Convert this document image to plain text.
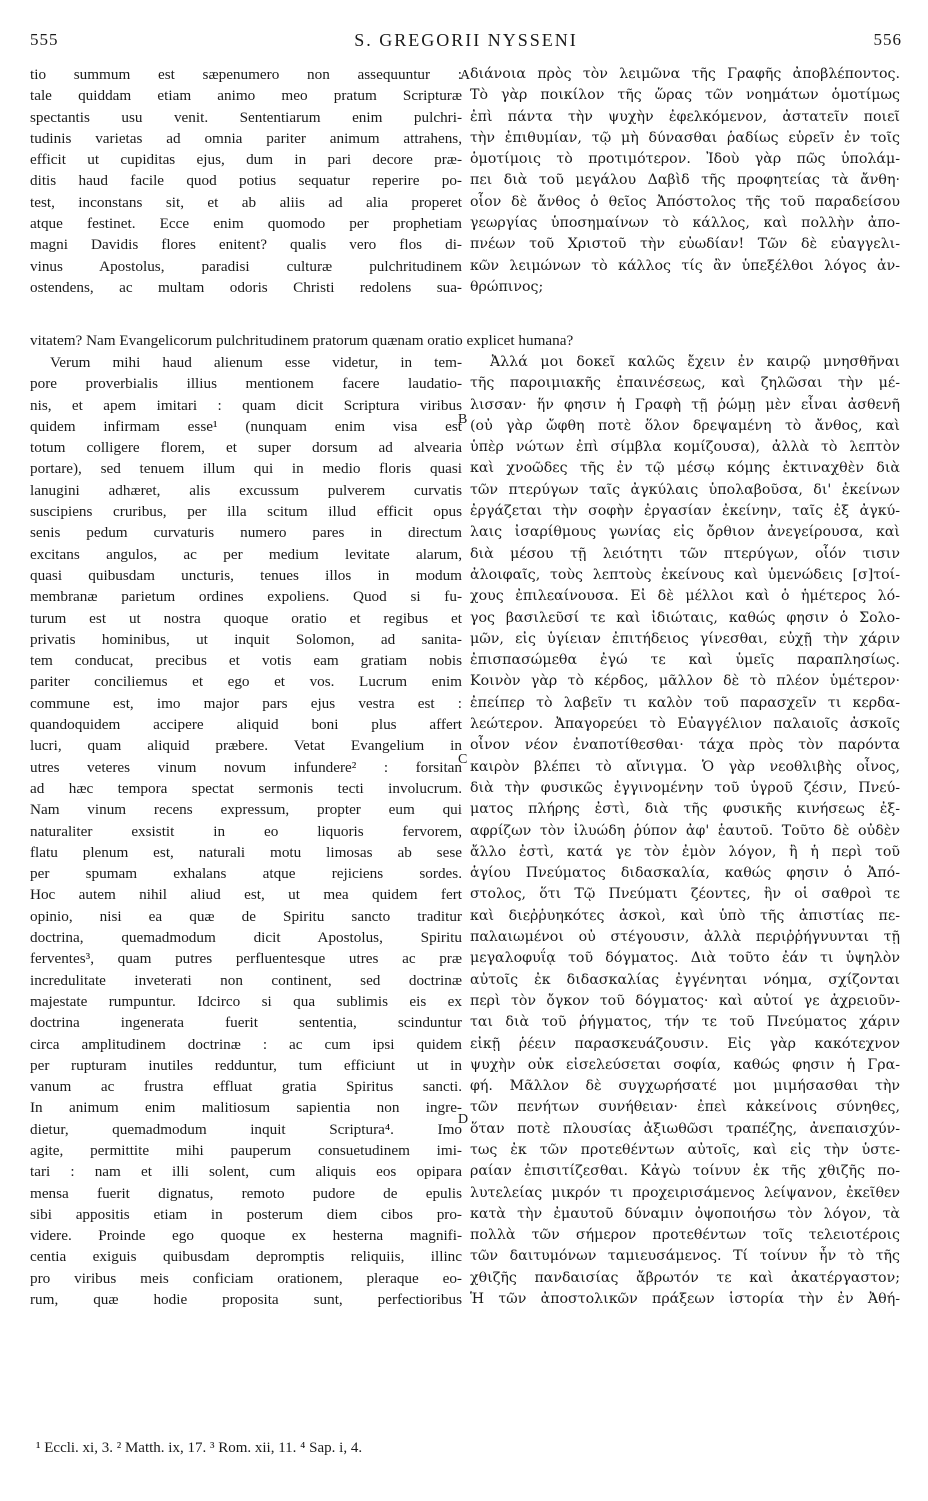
555	S. GREGORII NYSSENI	556
tio summum est sæpenumero non assequuntur :
tale quiddam etiam animo meo pratum Scripturæ
spectantis usu venit. Sententiarum enim pulchri-
tudinis varietas ad omnia pariter animum attrahens,
efficit ut cupiditas ejus, dum in pari decore præ-
ditis haud facile quod potius sequatur reperire po-
test, inconstans sit, et ab aliis ad alia properet
atque festinet. Ecce enim quomodo per prophetiam
magni Davidis flores enitent? qualis vero flos di-
vinus Apostolus, paradisi culturæ pulchritudinem
ostendens, ac multam odoris Christi redolens sua-
διάνοια πρὸς τὸν λειμῶνα τῆς Γραφῆς ἀποβλέποντος.
Τὸ γὰρ ποικίλον τῆς ὥρας τῶν νοημάτων ὁμοτίμως
ἐπὶ πάντα τὴν ψυχὴν ἐφελκόμενον, ἀστατεῖν ποιεῖ
τὴν ἐπιθυμίαν, τῷ μὴ δύνασθαι ῥαδίως εὑρεῖν ἐν τοῖς
ὁμοτίμοις τὸ προτιμότερον. Ἰδοὺ γὰρ πῶς ὑπολάμ-
πει διὰ τοῦ μεγάλου Δαβὶδ τῆς προφητείας τὰ ἄνθη·
οἷον δὲ ἄνθος ὁ θεῖος Ἀπόστολος τῆς τοῦ παραδείσου
γεωργίας ὑποσημαίνων τὸ κάλλος, καὶ πολλὴν ἀπο-
πνέων τοῦ Χριστοῦ τὴν εὐωδίαν! Τῶν δὲ εὐαγγελι-
κῶν λειμώνων τὸ κάλλος τίς ἂν ὑπεξέλθοι λόγος ἀν-
θρώπινος;
vitatem? Nam Evangelicorum pulchritudinem pratorum quænam oratio explicet humana?
Verum mihi haud alienum esse videtur, in tem-
pore proverbialis illius mentionem facere laudatio-
nis, et apem imitari : quam dicit Scriptura viribus
quidem infirmam esse¹ (nunquam enim visa est
totum colligere florem, et super dorsum ad alvearia
portare), sed tenuem illum qui in medio floris quasi
lanugini adhæret, alis excussum pulverem curvatis
suscipiens cruribus, per illa scitum illud efficit opus
senis pedum curvaturis numero pares in directum
excitans angulos, ac per medium levitate alarum,
quasi quibusdam uncturis, tenues illos in modum
membranæ parietum ordines expoliens. Quod si fu-
turum est ut nostra quoque oratio et regibus et
privatis hominibus, ut inquit Solomon, ad sanita-
tem conducat, precibus et votis eam gratiam nobis
pariter conciliemus et ego et vos. Lucrum enim
commune est, imo major pars ejus vestra est :
quandoquidem accipere aliquid boni plus affert
lucri, quam aliquid præbere. Vetat Evangelium in
utres veteres vinum novum infundere² : forsitan
ad hæc tempora spectat sermonis tecti involucrum.
Nam vinum recens expressum, propter eum qui
naturaliter exsistit in eo liquoris fervorem,
flatu plenum est, naturali motu limosas ab sese
per spumam exhalans atque rejiciens sordes.
Hoc autem nihil aliud est, ut mea quidem fert
opinio, nisi ea quæ de Spiritu sancto traditur
doctrina, quemadmodum dicit Apostolus, Spiritu
ferventes³, quam putres perfluentesque utres ac præ
incredulitate inveterati non continent, sed doctrinæ
majestate rumpuntur. Idcirco si qua sublimis eis ex
doctrina ingenerata fuerit sententia, scinduntur
circa amplitudinem doctrinæ : ac cum ipsi quidem
per rupturam inutiles redduntur, tum efficiunt ut in
vanum ac frustra effluat gratia Spiritus sancti.
In animum enim malitiosum sapientia non ingre-
dietur, quemadmodum inquit Scriptura⁴. Imo
agite, permittite mihi pauperum consuetudinem imi-
tari : nam et illi solent, cum aliquis eos opipara
mensa fuerit dignatus, remoto pudore de epulis
sibi appositis etiam in posterum diem cibos pro-
videre. Proinde ego quoque ex hesterna magnifi-
centia exiguis quibusdam depromptis reliquiis, illinc
pro viribus meis conficiam orationem, pleraque eo-
rum, quæ hodie proposita sunt, perfectioribus
Ἀλλά μοι δοκεῖ καλῶς ἔχειν ἐν καιρῷ μνησθῆναι
τῆς παροιμιακῆς ἐπαινέσεως, καὶ ζηλῶσαι τὴν μέ-
λισσαν· ἥν φησιν ἡ Γραφὴ τῇ ῥώμῃ μὲν εἶναι ἀσθενῆ
(οὐ γὰρ ὤφθη ποτὲ ὅλον δρεψαμένη τὸ ἄνθος, καὶ
ὑπὲρ νώτων ἐπὶ σίμβλα κομίζουσα), ἀλλὰ τὸ λεπτὸν
καὶ χνοῶδες τῆς ἐν τῷ μέσῳ κόμης ἐκτιναχθὲν διὰ
τῶν πτερύγων ταῖς ἀγκύλαις ὑπολαβοῦσα, δι' ἐκείνων
ἐργάζεται τὴν σοφὴν ἐργασίαν ἐκείνην, ταῖς ἐξ ἀγκύ-
λαις ἰσαρίθμους γωνίας εἰς ὄρθιον ἀνεγείρουσα, καὶ
διὰ μέσου τῇ λειότητι τῶν πτερύγων, οἷόν τισιν
ἀλοιφαῖς, τοὺς λεπτοὺς ἐκείνους καὶ ὑμενώδεις [σ]τοί-
χους ἐπιλεαίνουσα. Εἰ δὲ μέλλοι καὶ ὁ ἡμέτερος λό-
γος βασιλεῦσί τε καὶ ἰδιώταις, καθώς φησιν ὁ Σολο-
μῶν, εἰς ὑγίειαν ἐπιτήδειος γίνεσθαι, εὐχῇ τὴν χάριν
ἐπισπασώμεθα ἐγώ τε καὶ ὑμεῖς παραπλησίως.
Κοινὸν γὰρ τὸ κέρδος, μᾶλλον δὲ τὸ πλέον ὑμέτερον·
ἐπείπερ τὸ λαβεῖν τι καλὸν τοῦ παρασχεῖν τι κερδα-
λεώτερον. Ἀπαγορεύει τὸ Εὐαγγέλιον παλαιοῖς ἀσκοῖς
οἶνον νέον ἐναποτίθεσθαι· τάχα πρὸς τὸν παρόντα
καιρὸν βλέπει τὸ αἴνιγμα. Ὁ γὰρ νεοθλιβὴς οἶνος,
διὰ τὴν φυσικῶς ἐγγινομένην τοῦ ὑγροῦ ζέσιν, Πνεύ-
ματος πλήρης ἐστὶ, διὰ τῆς φυσικῆς κινήσεως ἐξ-
αφρίζων τὸν ἰλυώδη ῥύπον ἀφ' ἑαυτοῦ. Τοῦτο δὲ οὐδὲν
ἄλλο ἐστὶ, κατά γε τὸν ἐμὸν λόγον, ἢ ἡ περὶ τοῦ
ἁγίου Πνεύματος διδασκαλία, καθώς φησιν ὁ Ἀπό-
στολος, ὅτι Τῷ Πνεύματι ζέοντες, ἣν οἱ σαθροὶ τε
καὶ διεῤῥυηκότες ἀσκοὶ, καὶ ὑπὸ τῆς ἀπιστίας πε-
παλαιωμένοι οὐ στέγουσιν, ἀλλὰ περιῤῥήγνυνται τῇ
μεγαλοφυΐᾳ τοῦ δόγματος. Διὰ τοῦτο ἐάν τι ὑψηλὸν
αὐτοῖς ἐκ διδασκαλίας ἐγγένηται νόημα, σχίζονται
περὶ τὸν ὄγκον τοῦ δόγματος· καὶ αὐτοί γε ἀχρειοῦν-
ται διὰ τοῦ ῥήγματος, τήν τε τοῦ Πνεύματος χάριν
εἰκῇ ῥέειν παρασκευάζουσιν. Εἰς γὰρ κακότεχνον
ψυχὴν οὐκ εἰσελεύσεται σοφία, καθώς φησιν ἡ Γρα-
φή. Μᾶλλον δὲ συγχωρήσατέ μοι μιμήσασθαι τὴν
τῶν πενήτων συνήθειαν· ἐπεὶ κἀκείνοις σύνηθες,
ὅταν ποτὲ πλουσίας ἀξιωθῶσι τραπέζης, ἀνεπαισχύν-
τως ἐκ τῶν προτεθέντων αὐτοῖς, καὶ εἰς τὴν ὑστε-
ραίαν ἐπισιτίζεσθαι. Κἀγὼ τοίνυν ἐκ τῆς χθιζῆς πο-
λυτελείας μικρόν τι προχειρισάμενος λείψανον, ἐκεῖθεν
κατὰ τὴν ἐμαυτοῦ δύναμιν ὀψοποιήσω τὸν λόγον, τὰ
πολλὰ τῶν σήμερον προτεθέντων τοῖς τελειοτέροις
τῶν δαιτυμόνων ταμιευσάμενος. Τί τοίνυν ἦν τὸ τῆς
χθιζῆς πανδαισίας ἄβρωτόν τε καὶ ἀκατέργαστον;
Ἡ τῶν ἀποστολικῶν πράξεων ἱστορία τὴν ἐν Ἀθή-
A
B
C
D
¹ Eccli. xi, 3. ² Matth. ix, 17. ³ Rom. xii, 11. ⁴ Sap. i, 4.
